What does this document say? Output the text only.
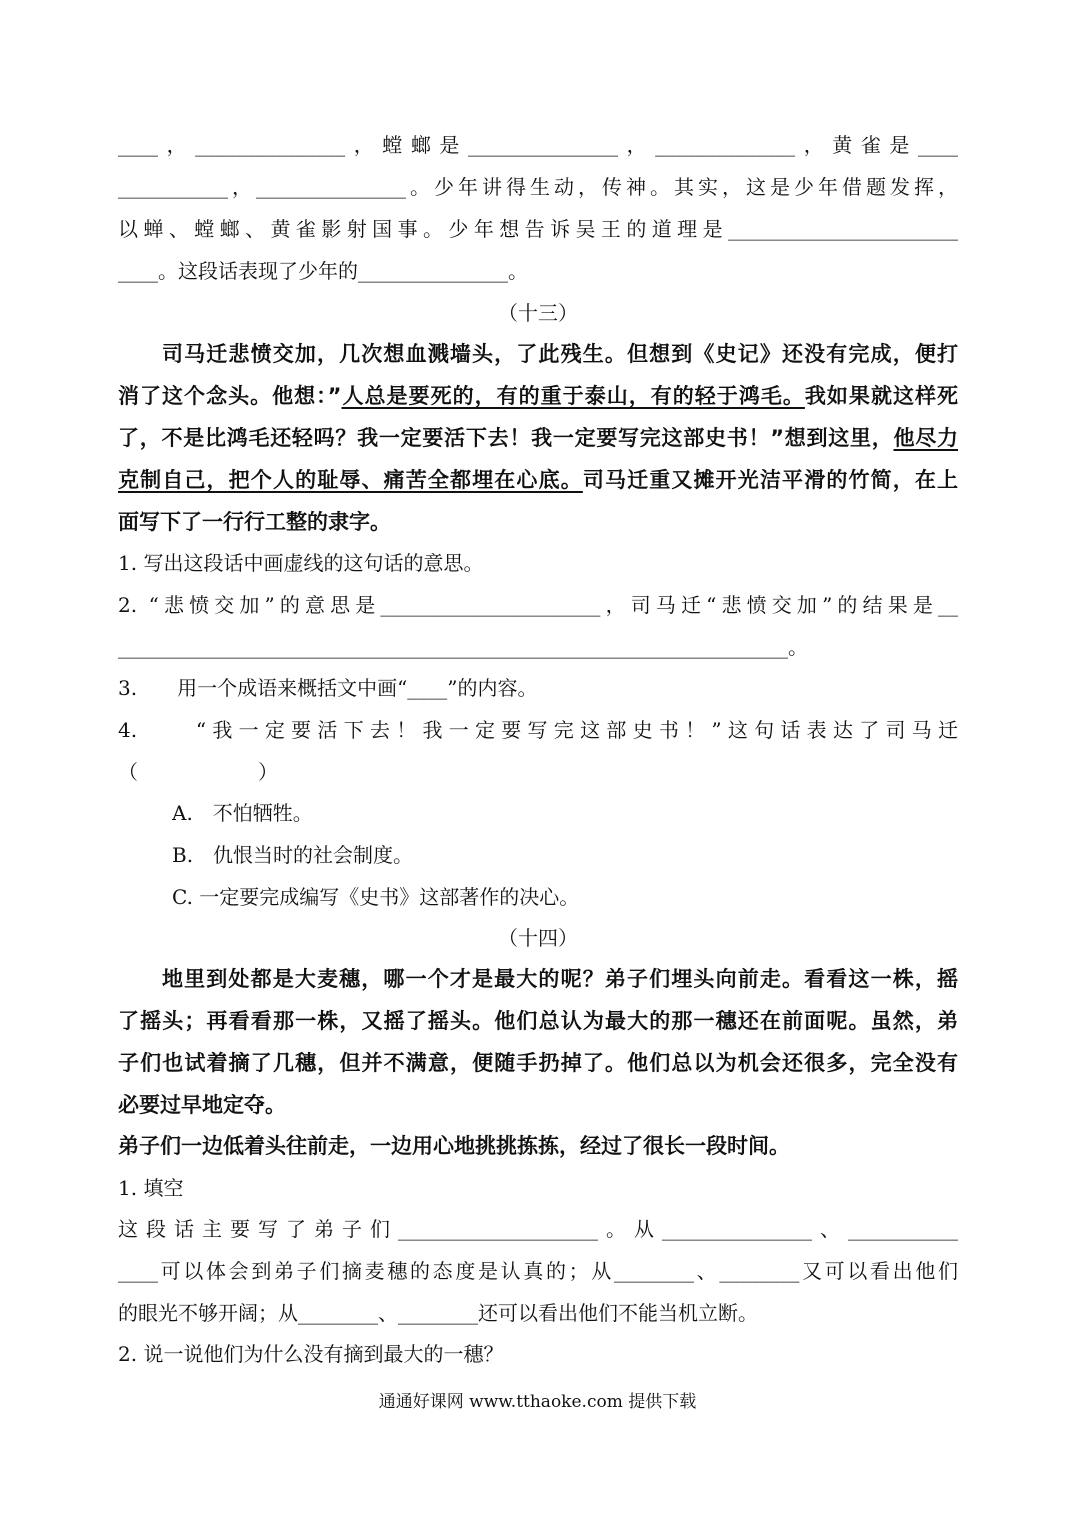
____，_______________，螳螂是_______________，______________，黄雀是____
___________，_______________。少年讲得生动，传神。其实，这是少年借题发挥，
以蝉、螳螂、黄雀影射国事。少年想告诉吴王的道理是_______________________
____。这段话表现了少年的_______________。
（十三）
司马迁悲愤交加，几次想血溅墙头，了此残生。但想到《史记》还没有完成，便打
消了这个念头。他想：”人总是要死的，有的重于泰山，有的轻于鸿毛。我如果就这样死
了，不是比鸿毛还轻吗？我一定要活下去！我一定要写完这部史书！”想到这里，他尽力
克制自己，把个人的耻辱、痛苦全都埋在心底。司马迁重又摊开光洁平滑的竹简，在上
面写下了一行行工整的隶字。
1. 写出这段话中画虚线的这句话的意思。
2. “悲愤交加”的意思是______________________，司马迁“悲愤交加”的结果是__
___________________________________________________________________。
3.　　用一个成语来概括文中画“____”的内容。
4.　　“我一定要活下去！我一定要写完这部史书！”这句话表达了司马迁
（　　　　　　）
A.　不怕牺牲。
B.　仇恨当时的社会制度。
C. 一定要完成编写《史书》这部著作的决心。
（十四）
地里到处都是大麦穗，哪一个才是最大的呢？弟子们埋头向前走。看看这一株，摇
了摇头；再看看那一株，又摇了摇头。他们总认为最大的那一穗还在前面呢。虽然，弟
子们也试着摘了几穗，但并不满意，便随手扔掉了。他们总以为机会还很多，完全没有
必要过早地定夺。
弟子们一边低着头往前走，一边用心地挑挑拣拣，经过了很长一段时间。
1. 填空
这段话主要写了弟子们____________________。从_______________、___________
____可以体会到弟子们摘麦穗的态度是认真的；从________、________又可以看出他们
的眼光不够开阔；从________、________还可以看出他们不能当机立断。
2. 说一说他们为什么没有摘到最大的一穗？
通通好课网 www.tthaoke.com 提供下载
